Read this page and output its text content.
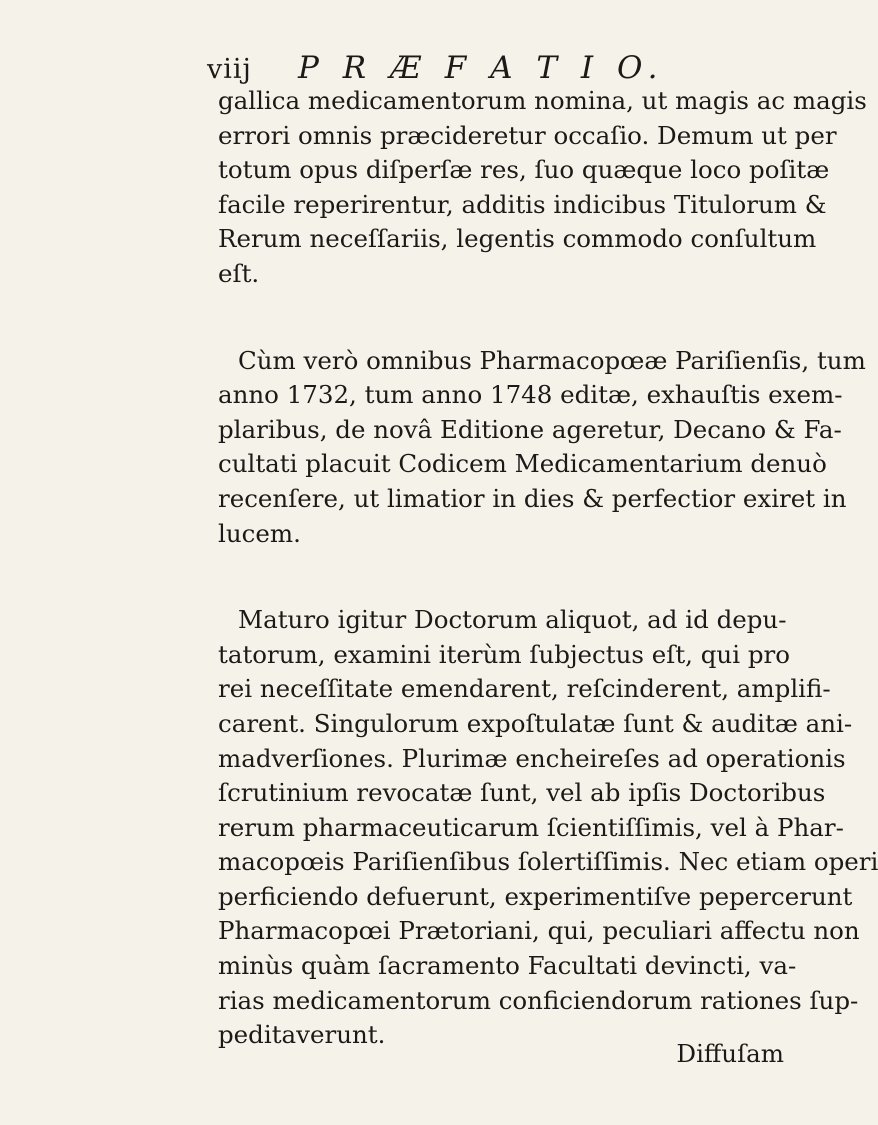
viij P R Æ F A T I O.
gallica medicamentorum nomina, ut magis ac magis
errori omnis præcideretur occaſio. Demum ut per
totum opus diſperſæ res, ſuo quæque loco poſitæ
facile reperirentur, additis indicibus Titulorum &
Rerum neceſſariis, legentis commodo conſultum
eſt.
Cùm verò omnibus Pharmacopœæ Pariſienſis, tum
anno 1732, tum anno 1748 editæ, exhauſtis exem-
plaribus, de novâ Editione ageretur, Decano & Fa-
cultati placuit Codicem Medicamentarium denuò
recenſere, ut limatior in dies & perfectior exiret in
lucem.
Maturo igitur Doctorum aliquot, ad id depu-
tatorum, examini iterùm ſubjectus eſt, qui pro
rei neceſſitate emendarent, reſcinderent, amplifi-
carent. Singulorum expoſtulatæ ſunt & auditæ ani-
madverſiones. Plurimæ encheireſes ad operationis
ſcrutinium revocatæ ſunt, vel ab ipſis Doctoribus
rerum pharmaceuticarum ſcientiſſimis, vel à Phar-
macopœis Pariſienſibus ſolertiſſimis. Nec etiam operi
perficiendo defuerunt, experimentiſve pepercerunt
Pharmacopœi Prætoriani, qui, peculiari affectu non
minùs quàm ſacramento Facultati devincti, va-
rias medicamentorum conficiendorum rationes ſup-
peditaverunt.
Diffuſam
